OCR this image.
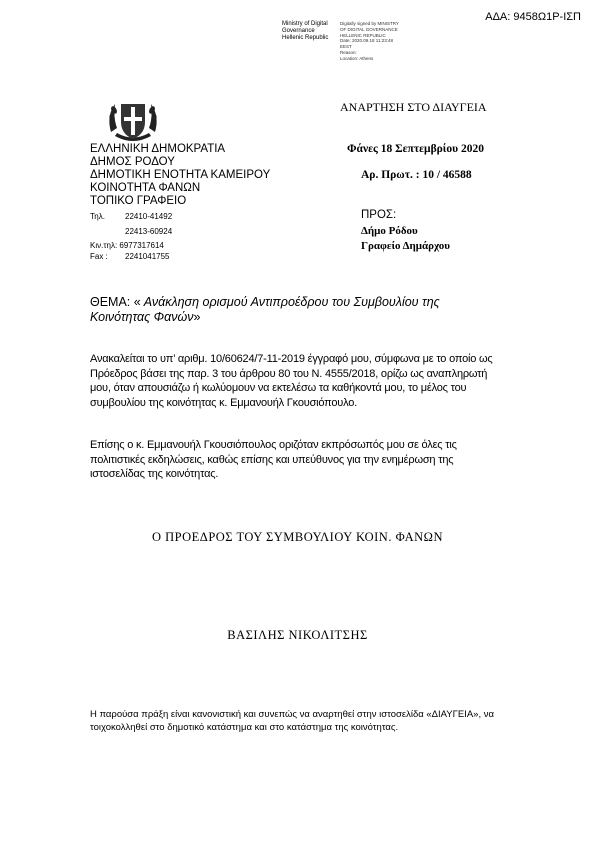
ΑΔΑ: 9458Ω1Ρ-ΙΣΠ
Ministry of Digital
Governance
Hellenic Republic
Digitally signed by MINISTRY
OF DIGITAL GOVERNANCE
HELLENIC REPUBLIC
Date: 2020.09.18 11:23:48
EEST
Reason:
Location: Athens
ΑΝΑΡΤΗΣΗ ΣΤΟ ΔΙΑΥΓΕΙΑ
ΕΛΛΗΝΙΚΗ ΔΗΜΟΚΡΑΤΙΑ
ΔΗΜΟΣ ΡΟΔΟΥ
ΔΗΜΟΤΙΚΗ ΕΝΟΤΗΤΑ ΚΑΜΕΙΡΟΥ
ΚΟΙΝΟΤΗΤΑ ΦΑΝΩΝ
ΤΟΠΙΚΟ ΓΡΑΦΕΙΟ
Φάνες 18 Σεπτεμβρίου 2020
Αρ. Πρωτ. : 10 / 46588
Τηλ.	22410-41492
22413-60924
Κιν.τηλ: 6977317614
Fax : 2241041755
ΠΡΟΣ:
Δήμο Ρόδου
Γραφείο Δημάρχου
ΘΕΜΑ: « Ανάκληση ορισμού Αντιπροέδρου του Συμβουλίου της Κοινότητας Φανών»
Ανακαλείται το υπ’ αριθμ. 10/60624/7-11-2019 έγγραφό μου, σύμφωνα με το οποίο ως Πρόεδρος βάσει της παρ. 3 του άρθρου 80 του Ν. 4555/2018, ορίζω ως αναπληρωτή μου, όταν απουσιάζω ή κωλύομουν να εκτελέσω τα καθήκοντά μου, το μέλος του συμβουλίου της κοινότητας κ. Εμμανουήλ Γκουσιόπουλο.
Επίσης ο κ. Εμμανουήλ Γκουσιόπουλος οριζόταν εκπρόσωπός μου σε όλες τις πολιτιστικές εκδηλώσεις, καθώς επίσης και υπεύθυνος για την ενημέρωση της ιστοσελίδας της κοινότητας.
Ο ΠΡΟΕΔΡΟΣ ΤΟΥ ΣΥΜΒΟΥΛΙΟΥ ΚΟΙΝ. ΦΑΝΩΝ
ΒΑΣΙΛΗΣ ΝΙΚΟΛΙΤΣΗΣ
Η παρούσα πράξη είναι κανονιστική και συνεπώς να αναρτηθεί στην ιστοσελίδα «ΔΙΑΥΓΕΙΑ», να τοιχοκολληθεί στο δημοτικό κατάστημα και στο κατάστημα της κοινότητας.
